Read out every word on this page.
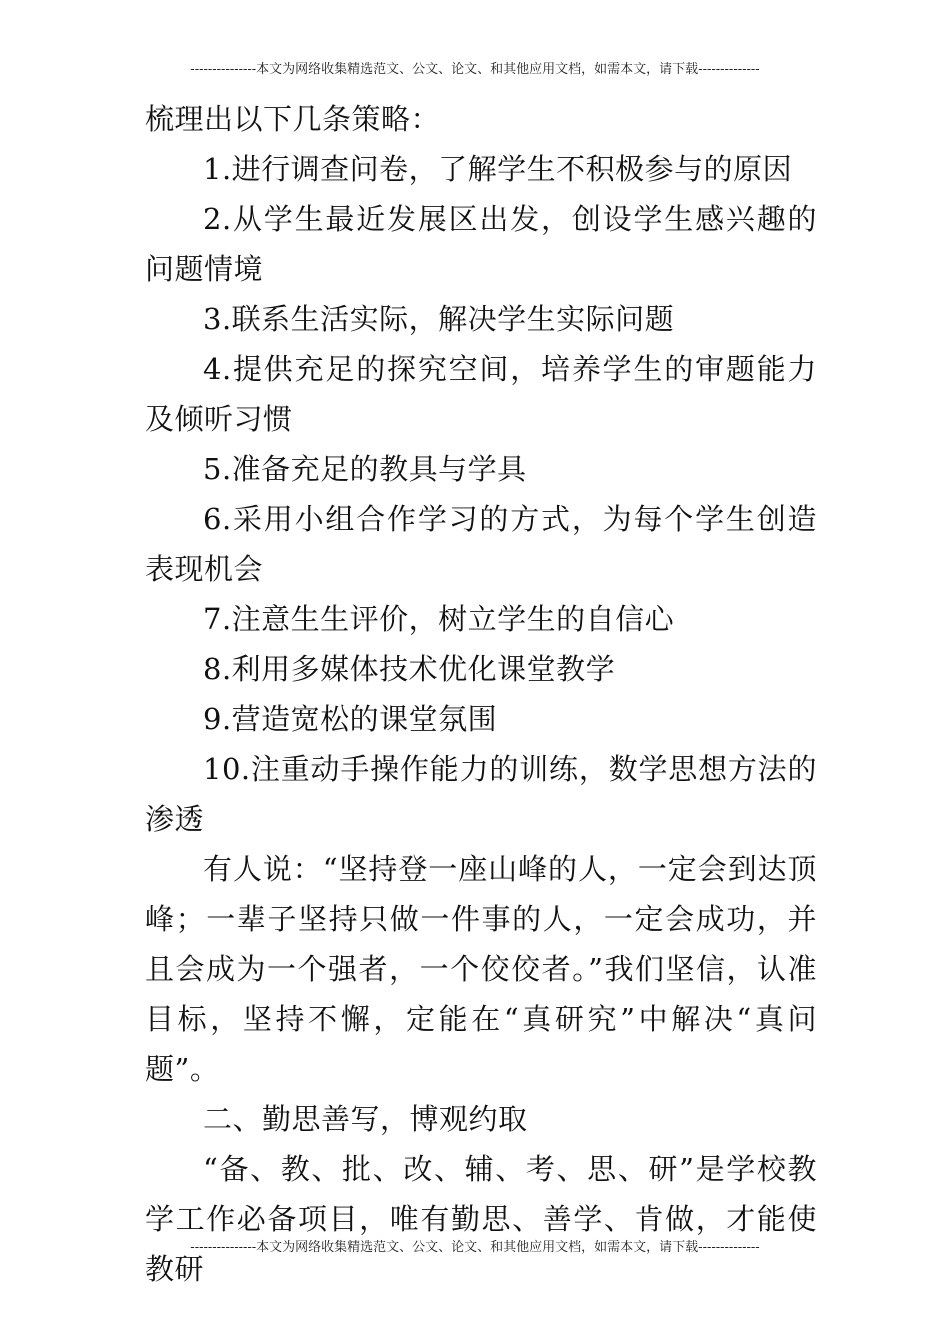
---------------本文为网络收集精选范文、公文、论文、和其他应用文档，如需本文，请下载--------------

梳理出以下几条策略：

1.进行调查问卷，了解学生不积极参与的原因

2.从学生最近发展区出发，创设学生感兴趣的问题情境

3.联系生活实际，解决学生实际问题

4.提供充足的探究空间，培养学生的审题能力及倾听习惯

5.准备充足的教具与学具

6.采用小组合作学习的方式，为每个学生创造表现机会

7.注意生生评价，树立学生的自信心

8.利用多媒体技术优化课堂教学

9.营造宽松的课堂氛围

10.注重动手操作能力的训练，数学思想方法的渗透

有人说：“坚持登一座山峰的人，一定会到达顶峰；一辈子坚持只做一件事的人，一定会成功，并且会成为一个强者，一个佼佼者。”我们坚信，认准目标，坚持不懈，定能在“真研究”中解决“真问题”。

二、勤思善写，博观约取

“备、教、批、改、辅、考、思、研”是学校教学工作必备项目，唯有勤思、善学、肯做，才能使教研

---------------本文为网络收集精选范文、公文、论文、和其他应用文档，如需本文，请下载--------------
